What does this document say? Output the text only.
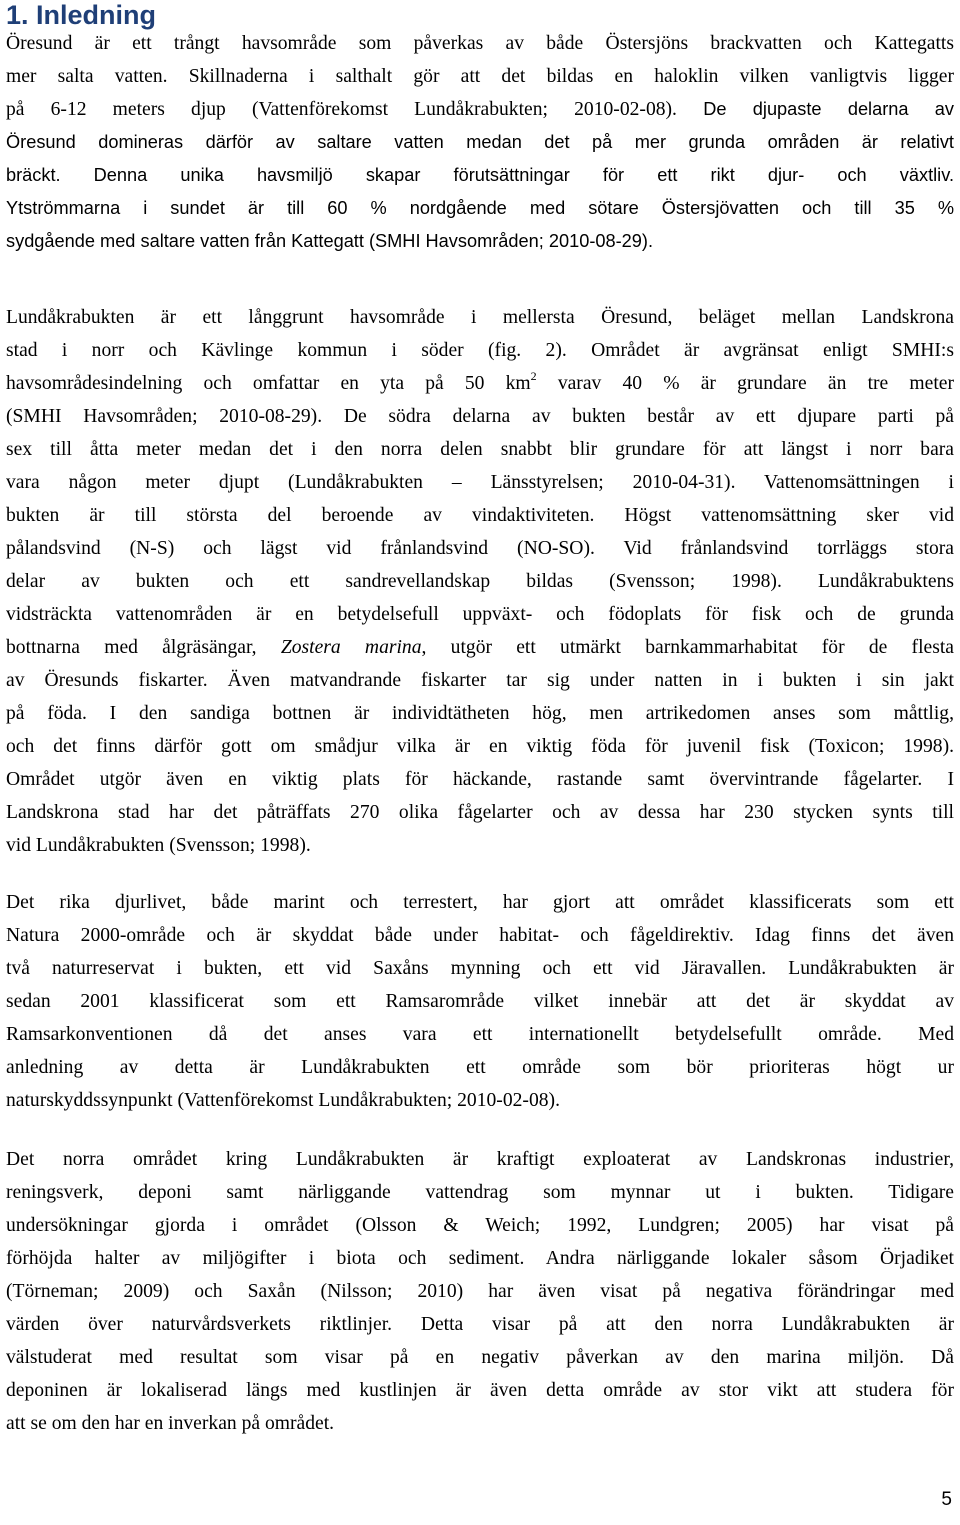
1. Inledning
Öresund är ett trångt havsområde som påverkas av både Östersjöns brackvatten och Kattegatts
mer salta vatten. Skillnaderna i salthalt gör att det bildas en haloklin vilken vanligtvis ligger
på 6-12 meters djup (Vattenförekomst Lundåkrabukten; 2010-02-08). De djupaste delarna av
Öresund domineras därför av saltare vatten medan det på mer grunda områden är relativt
bräckt. Denna unika havsmiljö skapar förutsättningar för ett rikt djur- och växtliv.
Ytströmmarna i sundet är till 60 % nordgående med sötare Östersjövatten och till 35 %
sydgående med saltare vatten från Kattegatt (SMHI Havsområden; 2010-08-29).
Lundåkrabukten är ett långgrunt havsområde i mellersta Öresund, beläget mellan Landskrona
stad i norr och Kävlinge kommun i söder (fig. 2). Området är avgränsat enligt SMHI:s
havsområdesindelning och omfattar en yta på 50 $km^2$ varav 40 % är grundare än tre meter
(SMHI Havsområden; 2010-08-29). De södra delarna av bukten består av ett djupare parti på
sex till åtta meter medan det i den norra delen snabbt blir grundare för att längst i norr bara
vara någon meter djupt (Lundåkrabukten – Länsstyrelsen; 2010-04-31). Vattenomsättningen i
bukten är till största del beroende av vindaktiviteten. Högst vattenomsättning sker vid
pålandsvind (N-S) och lägst vid frånlandsvind (NO-SO). Vid frånlandsvind torrläggs stora
delar av bukten och ett sandrevellandskap bildas (Svensson; 1998). Lundåkrabuktens
vidsträckta vattenområden är en betydelsefull uppväxt- och födoplats för fisk och de grunda
bottnarna med ålgräsängar, Zostera marina, utgör ett utmärkt barnkammarhabitat för de flesta
av Öresunds fiskarter. Även matvandrande fiskarter tar sig under natten in i bukten i sin jakt
på föda. I den sandiga bottnen är individtätheten hög, men artrikedomen anses som måttlig,
och det finns därför gott om smådjur vilka är en viktig föda för juvenil fisk (Toxicon; 1998).
Området utgör även en viktig plats för häckande, rastande samt övervintrande fågelarter. I
Landskrona stad har det påträffats 270 olika fågelarter och av dessa har 230 stycken synts till
vid Lundåkrabukten (Svensson; 1998).
Det rika djurlivet, både marint och terrestert, har gjort att området klassificerats som ett
Natura 2000-område och är skyddat både under habitat- och fågeldirektiv. Idag finns det även
två naturreservat i bukten, ett vid Saxåns mynning och ett vid Järavallen. Lundåkrabukten är
sedan 2001 klassificerat som ett Ramsarområde vilket innebär att det är skyddat av
Ramsarkonventionen då det anses vara ett internationellt betydelsefullt område. Med
anledning av detta är Lundåkrabukten ett område som bör prioriteras högt ur
naturskyddssynpunkt (Vattenförekomst Lundåkrabukten; 2010-02-08).
Det norra området kring Lundåkrabukten är kraftigt exploaterat av Landskronas industrier,
reningsverk, deponi samt närliggande vattendrag som mynnar ut i bukten. Tidigare
undersökningar gjorda i området (Olsson & Weich; 1992, Lundgren; 2005) har visat på
förhöjda halter av miljögifter i biota och sediment. Andra närliggande lokaler såsom Örjadiket
(Törneman; 2009) och Saxån (Nilsson; 2010) har även visat på negativa förändringar med
värden över naturvårdsverkets riktlinjer. Detta visar på att den norra Lundåkrabukten är
välstuderat med resultat som visar på en negativ påverkan av den marina miljön. Då
deponinen är lokaliserad längs med kustlinjen är även detta område av stor vikt att studera för
att se om den har en inverkan på området.
5
